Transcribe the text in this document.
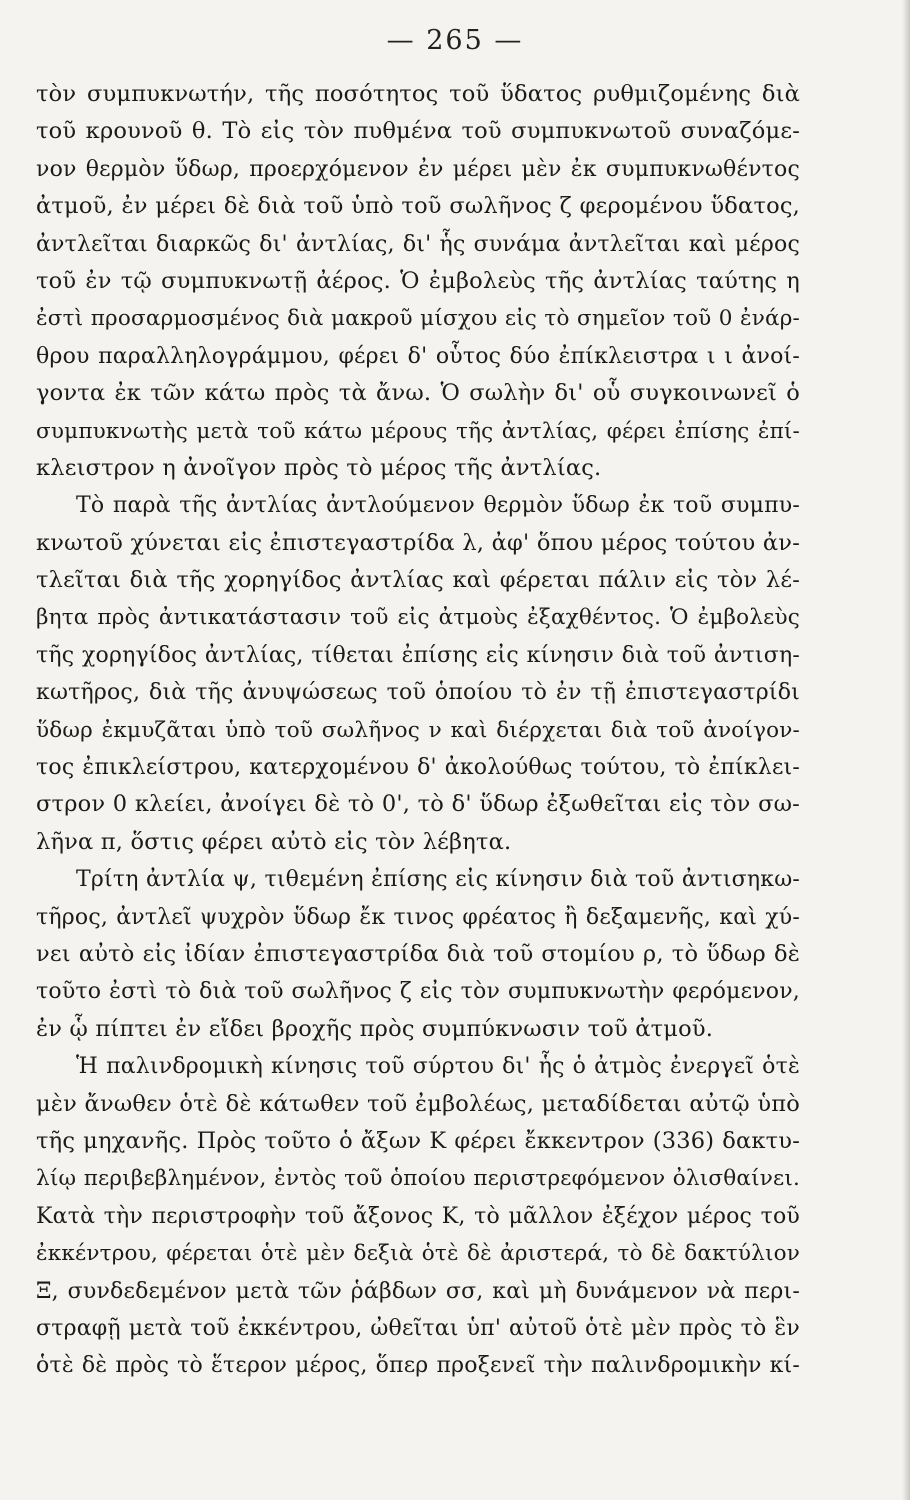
— 265 —
τὸν συμπυκνωτήν, τῆς ποσότητος τοῦ ὕδατος ρυθμιζομένης διὰ
τοῦ κρουνοῦ θ. Τὸ εἰς τὸν πυθμένα τοῦ συμπυκνωτοῦ συναζόμε-
νον θερμὸν ὕδωρ, προερχόμενον ἐν μέρει μὲν ἐκ συμπυκνωθέντος
ἀτμοῦ, ἐν μέρει δὲ διὰ τοῦ ὑπὸ τοῦ σωλῆνος ζ φερομένου ὕδατος,
ἀντλεῖται διαρκῶς δι' ἀντλίας, δι' ἧς συνάμα ἀντλεῖται καὶ μέρος
τοῦ ἐν τῷ συμπυκνωτῇ ἀέρος. Ὁ ἐμβολεὺς τῆς ἀντλίας ταύτης η
ἐστὶ προσαρμοσμένος διὰ μακροῦ μίσχου εἰς τὸ σημεῖον τοῦ 0 ἐνάρ-
θρου παραλληλογράμμου, φέρει δ' οὗτος δύο ἐπίκλειστρα ι ι ἀνοί-
γοντα ἐκ τῶν κάτω πρὸς τὰ ἄνω. Ὁ σωλὴν δι' οὗ συγκοινωνεῖ ὁ
συμπυκνωτὴς μετὰ τοῦ κάτω μέρους τῆς ἀντλίας, φέρει ἐπίσης ἐπί-
κλειστρον η ἀνοῖγον πρὸς τὸ μέρος τῆς ἀντλίας.
Τὸ παρὰ τῆς ἀντλίας ἀντλούμενον θερμὸν ὕδωρ ἐκ τοῦ συμπυ-
κνωτοῦ χύνεται εἰς ἐπιστεγαστρίδα λ, ἀφ' ὅπου μέρος τούτου ἀν-
τλεῖται διὰ τῆς χορηγίδος ἀντλίας καὶ φέρεται πάλιν εἰς τὸν λέ-
βητα πρὸς ἀντικατάστασιν τοῦ εἰς ἀτμοὺς ἐξαχθέντος. Ὁ ἐμβολεὺς
τῆς χορηγίδος ἀντλίας, τίθεται ἐπίσης εἰς κίνησιν διὰ τοῦ ἀντιση-
κωτῆρος, διὰ τῆς ἀνυψώσεως τοῦ ὁποίου τὸ ἐν τῇ ἐπιστεγαστρίδι
ὕδωρ ἐκμυζᾶται ὑπὸ τοῦ σωλῆνος ν καὶ διέρχεται διὰ τοῦ ἀνοίγον-
τος ἐπικλείστρου, κατερχομένου δ' ἀκολούθως τούτου, τὸ ἐπίκλει-
στρον 0 κλείει, ἀνοίγει δὲ τὸ 0', τὸ δ' ὕδωρ ἐξωθεῖται εἰς τὸν σω-
λῆνα π, ὅστις φέρει αὐτὸ εἰς τὸν λέβητα.
Τρίτη ἀντλία ψ, τιθεμένη ἐπίσης εἰς κίνησιν διὰ τοῦ ἀντισηκω-
τῆρος, ἀντλεῖ ψυχρὸν ὕδωρ ἔκ τινος φρέατος ἢ δεξαμενῆς, καὶ χύ-
νει αὐτὸ εἰς ἰδίαν ἐπιστεγαστρίδα διὰ τοῦ στομίου ρ, τὸ ὕδωρ δὲ
τοῦτο ἐστὶ τὸ διὰ τοῦ σωλῆνος ζ εἰς τὸν συμπυκνωτὴν φερόμενον,
ἐν ᾧ πίπτει ἐν εἴδει βροχῆς πρὸς συμπύκνωσιν τοῦ ἀτμοῦ.
Ἡ παλινδρομικὴ κίνησις τοῦ σύρτου δι' ἧς ὁ ἀτμὸς ἐνεργεῖ ὁτὲ
μὲν ἄνωθεν ὁτὲ δὲ κάτωθεν τοῦ ἐμβολέως, μεταδίδεται αὐτῷ ὑπὸ
τῆς μηχανῆς. Πρὸς τοῦτο ὁ ἄξων Κ φέρει ἔκκεντρον (336) δακτυ-
λίῳ περιβεβλημένον, ἐντὸς τοῦ ὁποίου περιστρεφόμενον ὀλισθαίνει.
Κατὰ τὴν περιστροφὴν τοῦ ἄξονος Κ, τὸ μᾶλλον ἐξέχον μέρος τοῦ
ἐκκέντρου, φέρεται ὁτὲ μὲν δεξιὰ ὁτὲ δὲ ἀριστερά, τὸ δὲ δακτύλιον
Ξ, συνδεδεμένον μετὰ τῶν ῥάβδων σσ, καὶ μὴ δυνάμενον νὰ περι-
στραφῇ μετὰ τοῦ ἐκκέντρου, ὠθεῖται ὑπ' αὐτοῦ ὁτὲ μὲν πρὸς τὸ ἓν
ὁτὲ δὲ πρὸς τὸ ἕτερον μέρος, ὅπερ προξενεῖ τὴν παλινδρομικὴν κί-
